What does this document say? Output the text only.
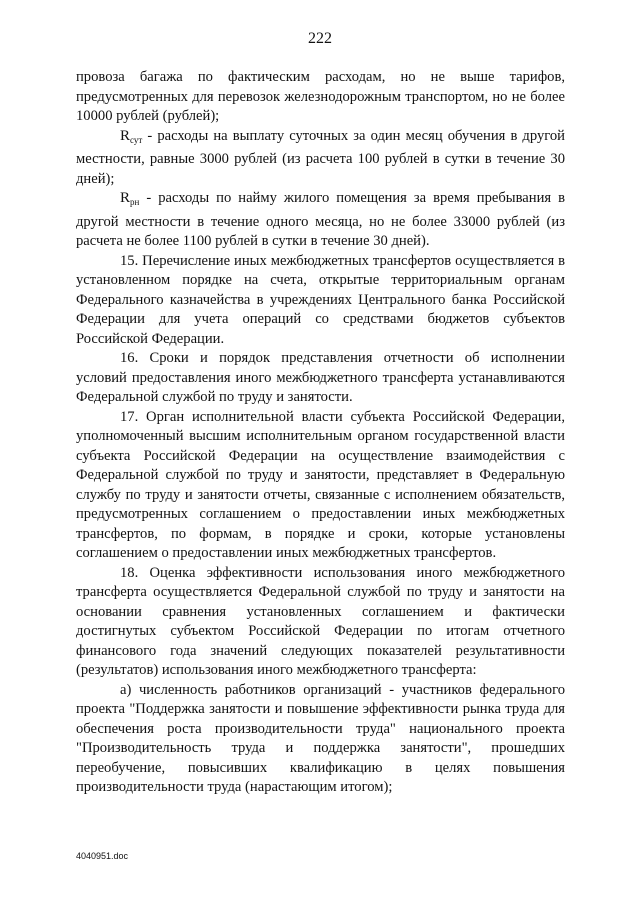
222

провоза багажа по фактическим расходам, но не выше тарифов, предусмотренных для перевозок железнодорожным транспортом, но не более 10000 рублей (рублей);

$R_{сут}$ - расходы на выплату суточных за один месяц обучения в другой местности, равные 3000 рублей (из расчета 100 рублей в сутки в течение 30 дней);

$R_{рн}$ - расходы по найму жилого помещения за время пребывания в другой местности в течение одного месяца, но не более 33000 рублей (из расчета не более 1100 рублей в сутки в течение 30 дней).

15. Перечисление иных межбюджетных трансфертов осуществляется в установленном порядке на счета, открытые территориальным органам Федерального казначейства в учреждениях Центрального банка Российской Федерации для учета операций со средствами бюджетов субъектов Российской Федерации.

16. Сроки и порядок представления отчетности об исполнении условий предоставления иного межбюджетного трансферта устанавливаются Федеральной службой по труду и занятости.

17. Орган исполнительной власти субъекта Российской Федерации, уполномоченный высшим исполнительным органом государственной власти субъекта Российской Федерации на осуществление взаимодействия с Федеральной службой по труду и занятости, представляет в Федеральную службу по труду и занятости отчеты, связанные с исполнением обязательств, предусмотренных соглашением о предоставлении иных межбюджетных трансфертов, по формам, в порядке и сроки, которые установлены соглашением о предоставлении иных межбюджетных трансфертов.

18. Оценка эффективности использования иного межбюджетного трансферта осуществляется Федеральной службой по труду и занятости на основании сравнения установленных соглашением и фактически достигнутых субъектом Российской Федерации по итогам отчетного финансового года значений следующих показателей результативности (результатов) использования иного межбюджетного трансферта:

а) численность работников организаций - участников федерального проекта "Поддержка занятости и повышение эффективности рынка труда для обеспечения роста производительности труда" национального проекта "Производительность труда и поддержка занятости", прошедших переобучение, повысивших квалификацию в целях повышения производительности труда (нарастающим итогом);

4040951.doc
